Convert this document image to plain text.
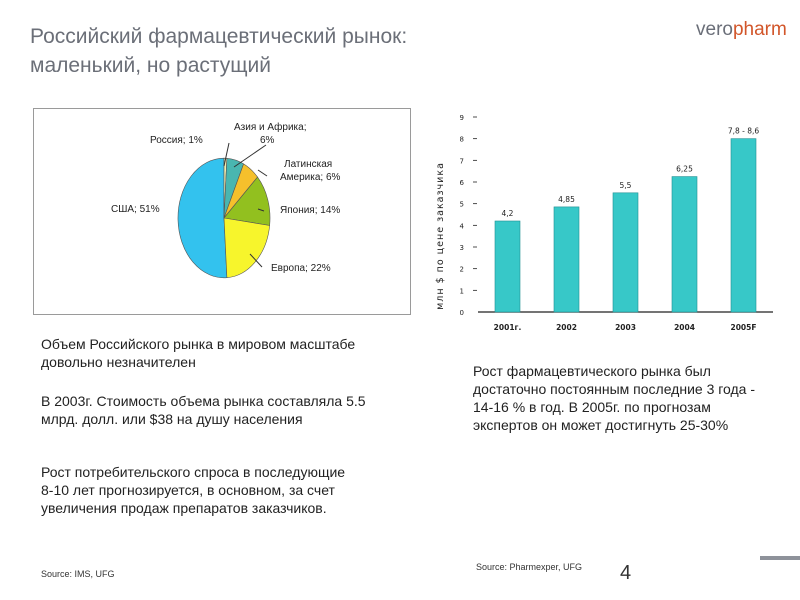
Российский фармацевтический рынок:
маленький, но растущий
veropharm
Россия; 1%
Азия и Африка;
6%
Латинская
Америка; 6%
Япония; 14%
США; 51%
Европа; 22%	млн $ по цене заказчика
0
1
2
3
4
5
6
7
8
9
4,2
4,85
5,5
6,25
7,8 - 8,6
2001г.	2002	2003	2004	2005F
Объем Российского рынка в мировом масштабе довольно незначителен
В 2003г. Стоимость объема рынка составляла 5.5 млрд. долл. или $38 на душу населения
Рост потребительского спроса в последующие 8-10 лет прогнозируется, в основном, за счет увеличения продаж препаратов заказчиков.
Рост фармацевтического рынка был достаточно постоянным последние 3 года - 14-16 % в год. В 2005г. по прогнозам экспертов он может достигнуть 25-30%
Source: IMS, UFG
Source: Pharmexper, UFG 4
